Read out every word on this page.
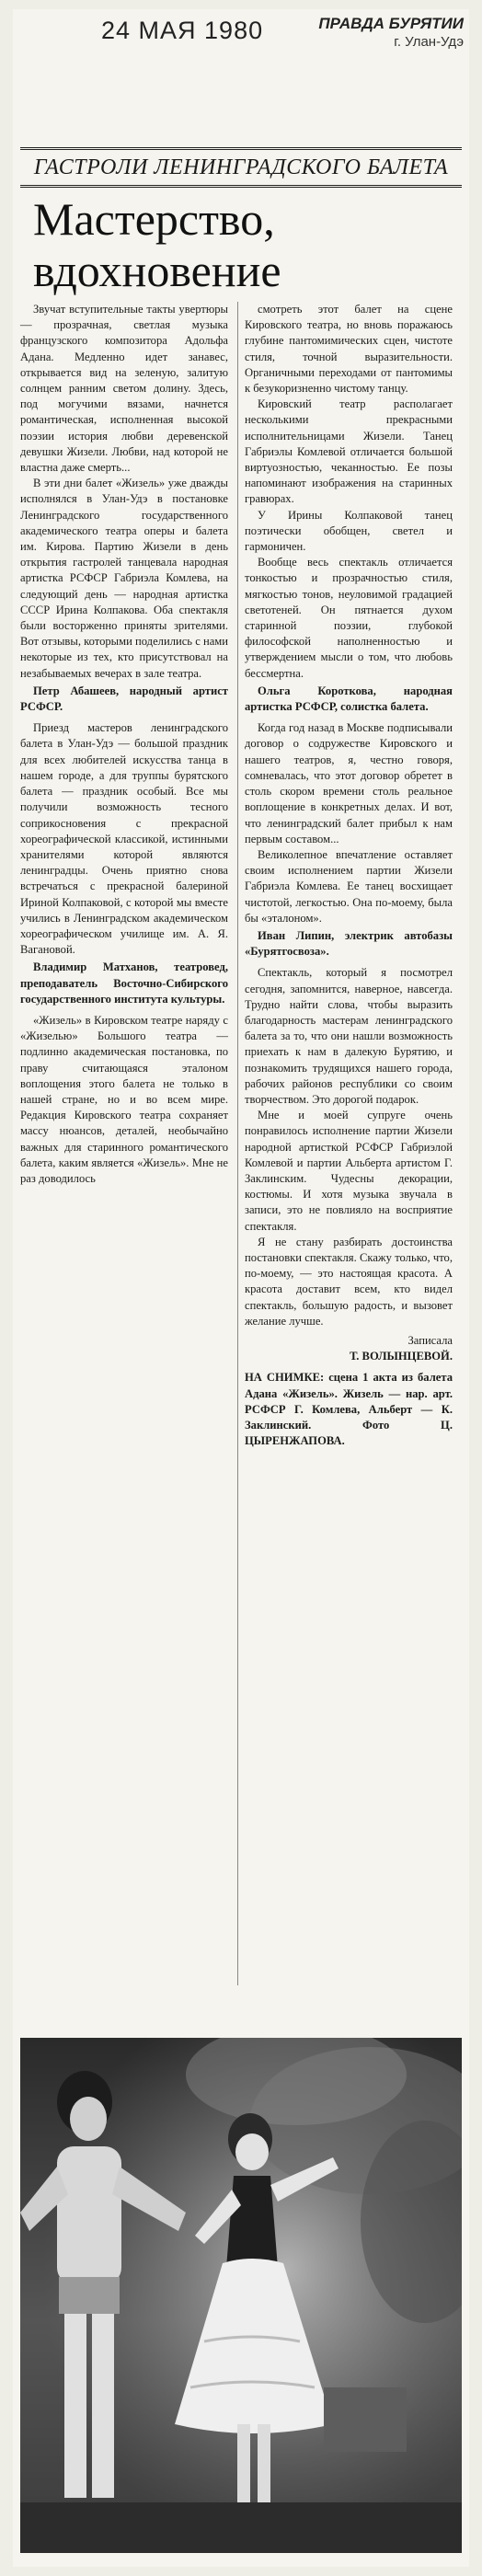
24 МАЯ 1980	ПРАВДА БУРЯТИИ
г. Улан-Удэ
ГАСТРОЛИ ЛЕНИНГРАДСКОГО БАЛЕТА
Мастерство,
вдохновение

Звучат вступительные такты увертюры — прозрачная, светлая музыка французского композитора Адольфа Адана. Медленно идет занавес, открывается вид на зеленую, залитую солнцем ранним светом долину. Здесь, под могучими вязами, начнется романтическая, исполненная высокой поэзии история любви деревенской девушки Жизели. Любви, над которой не властна даже смерть...

В эти дни балет «Жизель» уже дважды исполнялся в Улан-Удэ в постановке Ленинградского государственного академического театра оперы и балета им. Кирова. Партию Жизели в день открытия гастролей танцевала народная артистка РСФСР Габриэла Комлева, на следующий день — народная артистка СССР Ирина Колпакова. Оба спектакля были восторженно приняты зрителями. Вот отзывы, которыми поделились с нами некоторые из тех, кто присутствовал на незабываемых вечерах в зале театра.

Петр Абашеев, народный артист РСФСР.

Приезд мастеров ленинградского балета в Улан-Удэ — большой праздник для всех любителей искусства танца в нашем городе, а для труппы бурятского балета — праздник особый. Все мы получили возможность тесного соприкосновения с прекрасной хореографической классикой, истинными хранителями которой являются ленинградцы. Очень приятно снова встречаться с прекрасной балериной Ириной Колпаковой, с которой мы вместе учились в Ленинградском академическом хореографическом училище им. А. Я. Вагановой.

Владимир Матханов, театровед, преподаватель Восточно-Сибирского государственного института культуры.

«Жизель» в Кировском театре наряду с «Жизелью» Большого театра — подлинно академическая постановка, по праву считающаяся эталоном воплощения этого балета не только в нашей стране, но и во всем мире. Редакция Кировского театра сохраняет массу нюансов, деталей, необычайно важных для старинного романтического балета, каким является «Жизель». Мне не раз доводилось

смотреть этот балет на сцене Кировского театра, но вновь поражаюсь глубине пантомимических сцен, чистоте стиля, точной выразительности. Органичными переходами от пантомимы к безукоризненно чистому танцу.

Кировский театр располагает несколькими прекрасными исполнительницами Жизели. Танец Габриэлы Комлевой отличается большой виртуозностью, чеканностью. Ее позы напоминают изображения на старинных гравюрах.

У Ирины Колпаковой танец поэтически обобщен, светел и гармоничен.

Вообще весь спектакль отличается тонкостью и прозрачностью стиля, мягкостью тонов, неуловимой градацией светотеней. Он пятнается духом старинной поэзии, глубокой философской наполненностью и утверждением мысли о том, что любовь бессмертна.

Ольга Короткова, народная артистка РСФСР, солистка балета.

Когда год назад в Москве подписывали договор о содружестве Кировского и нашего театров, я, честно говоря, сомневалась, что этот договор обретет в столь скором времени столь реальное воплощение в конкретных делах. И вот, что ленинградский балет прибыл к нам первым составом...

Великолепное впечатление оставляет своим исполнением партии Жизели Габриэла Комлева. Ее танец восхищает чистотой, легкостью. Она по-моему, была бы «эталоном».

Иван Липин, электрик автобазы «Бурятгосвоза».

Спектакль, который я посмотрел сегодня, запомнится, наверное, навсегда. Трудно найти слова, чтобы выразить благодарность мастерам ленинградского балета за то, что они нашли возможность приехать к нам в далекую Бурятию, и познакомить трудящихся нашего города, рабочих районов республики со своим творчеством. Это дорогой подарок.

Мне и моей супруге очень понравилось исполнение партии Жизели народной артисткой РСФСР Габриэлой Комлевой и партии Альберта артистом Г. Заклинским. Чудесны декорации, костюмы. И хотя музыка звучала в записи, это не повлияло на восприятие спектакля.

Я не стану разбирать достоинства постановки спектакля. Скажу только, что, по-моему, — это настоящая красота. А красота доставит всем, кто видел спектакль, большую радость, и вызовет желание лучше.

Записала

Т. ВОЛЫНЦЕВОЙ.

НА СНИМКЕ: сцена 1 акта из балета Адана «Жизель». Жизель — нар. арт. РСФСР Г. Комлева, Альберт — К. Заклинский. Фото Ц. ЦЫРЕНЖАПОВА.
